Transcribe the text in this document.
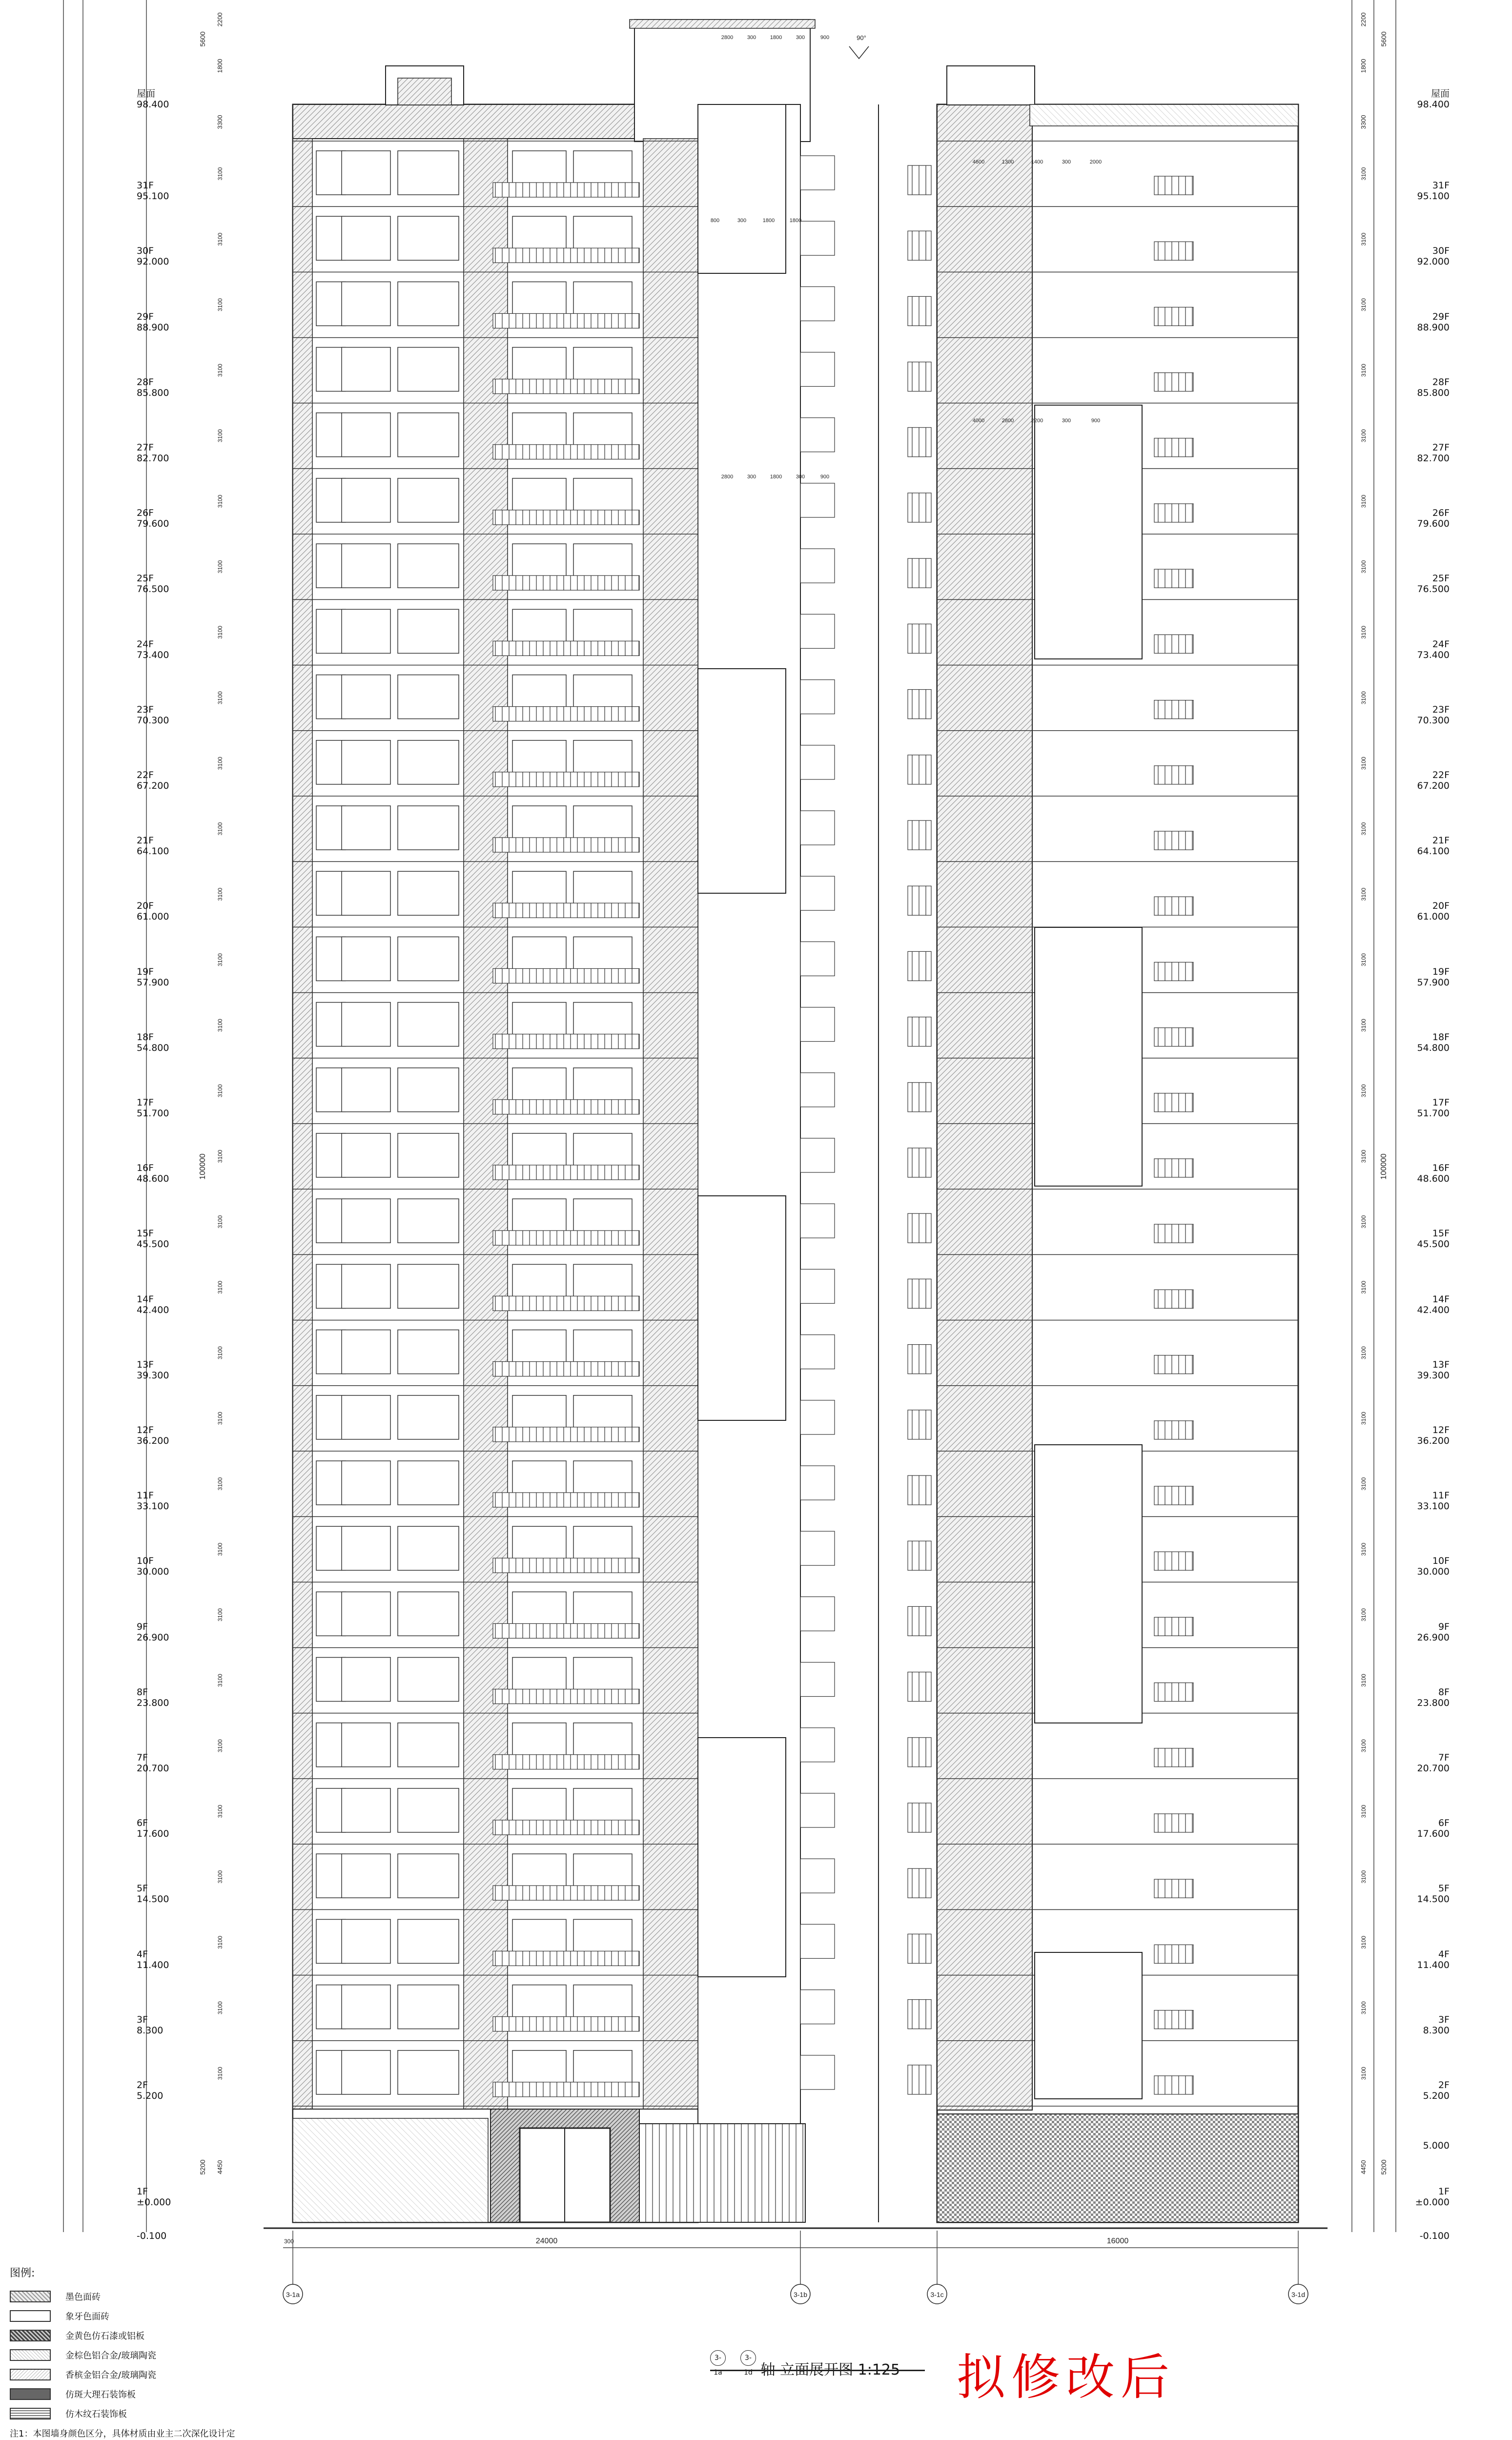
3-1a	3-1b	3-1c	3-1d
24000	16000
300
100000	100000
5600	5600
2200	2200
1800	1800
3300	3300
5200 4450	5200
4450
3100	3100
3100	3100
3100	3100
3100	3100
3100	3100
3100	3100
3100	3100
3100	3100
3100	3100
3100	3100
3100	3100
3100	3100
3100	3100
3100	3100
3100	3100
3100	3100
3100	3100
3100	3100
3100	3100
3100	3100
3100	3100
3100	3100
3100	3100
3100	3100
3100	3100
3100	3100
3100	3100
3100	3100
3100	3100
3100	3100
2800	300	1800	300	900
800	300	1800	1800
4600	1300	1400	300	2000
4000	2800	2200	300	900
2800	300	1800	300	900
90°
屋面
98.400
31F
95.100
30F
92.000
29F
88.900
28F
85.800
27F
82.700
26F
79.600
25F
76.500
24F
73.400
23F
70.300
22F
67.200
21F
64.100
20F
61.000
19F
57.900
18F
54.800
17F
51.700
16F
48.600
15F
45.500
14F
42.400
13F
39.300
12F
36.200
11F
33.100
10F
30.000
9F
26.900
8F
23.800
7F
20.700
6F
17.600
5F
14.500
4F
11.400
3F
8.300
2F
5.200
1F
±0.000
-0.100
屋面
98.400
31F
95.100
30F
92.000
29F
88.900
28F
85.800
27F
82.700
26F
79.600
25F
76.500
24F
73.400
23F
70.300
22F
67.200
21F
64.100
20F
61.000
19F
57.900
18F
54.800
17F
51.700
16F
48.600
15F
45.500
14F
42.400
13F
39.300
12F
36.200
11F
33.100
10F
30.000
9F
26.900
8F
23.800
7F
20.700
6F
17.600
5F
14.500
4F
11.400
3F
8.300
2F
5.200
1F
±0.000
-0.100
5.000
3-1a —3-1d 轴 立面展开图 1:125 拟修改后
图例:
墨色面砖
象牙色面砖
金黄色仿石漆或铝板
金棕色铝合金/玻璃陶瓷
香槟金铝合金/玻璃陶瓷
仿斑大理石装饰板
仿木纹石装饰板
注1：本图墙身颜色区分，具体材质由业主二次深化设计定
